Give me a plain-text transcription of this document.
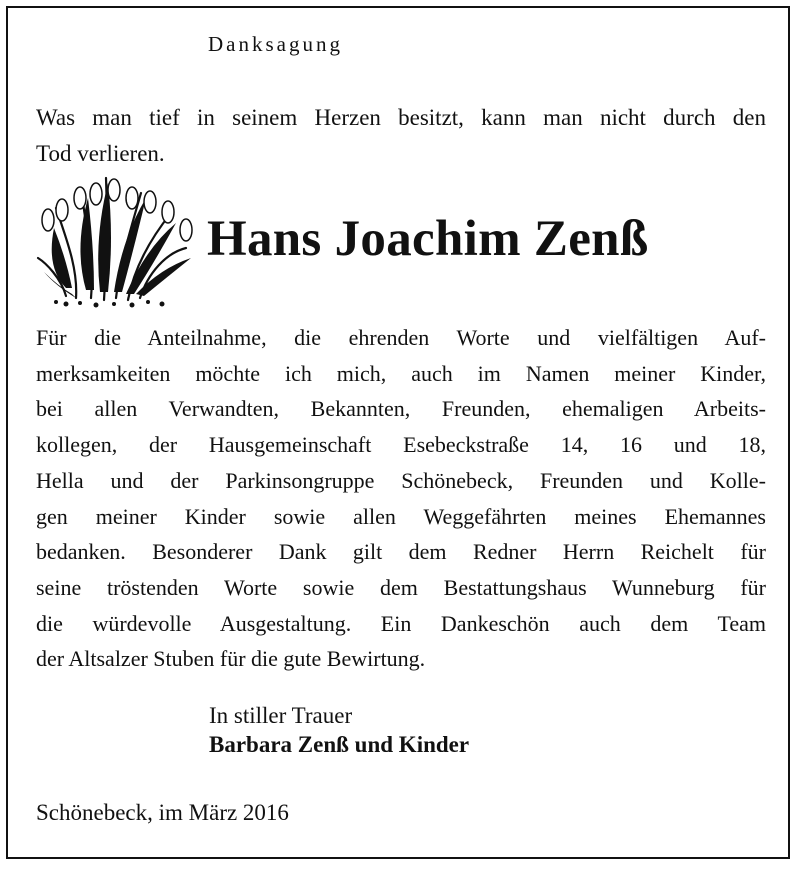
Danksagung
Was man tief in seinem Herzen besitzt, kann man nicht durch den
Tod verlieren.
Hans Joachim Zenß
Für die Anteilnahme, die ehrenden Worte und vielfältigen Auf-
merksamkeiten möchte ich mich, auch im Namen meiner Kinder,
bei allen Verwandten, Bekannten, Freunden, ehemaligen Arbeits-
kollegen, der Hausgemeinschaft Esebeckstraße 14, 16 und 18,
Hella und der Parkinsongruppe Schönebeck, Freunden und Kolle-
gen meiner Kinder sowie allen Weggefährten meines Ehemannes
bedanken. Besonderer Dank gilt dem Redner Herrn Reichelt für
seine tröstenden Worte sowie dem Bestattungshaus Wunneburg für
die würdevolle Ausgestaltung. Ein Dankeschön auch dem Team
der Altsalzer Stuben für die gute Bewirtung.
In stiller Trauer
Barbara Zenß und Kinder
Schönebeck, im März 2016
